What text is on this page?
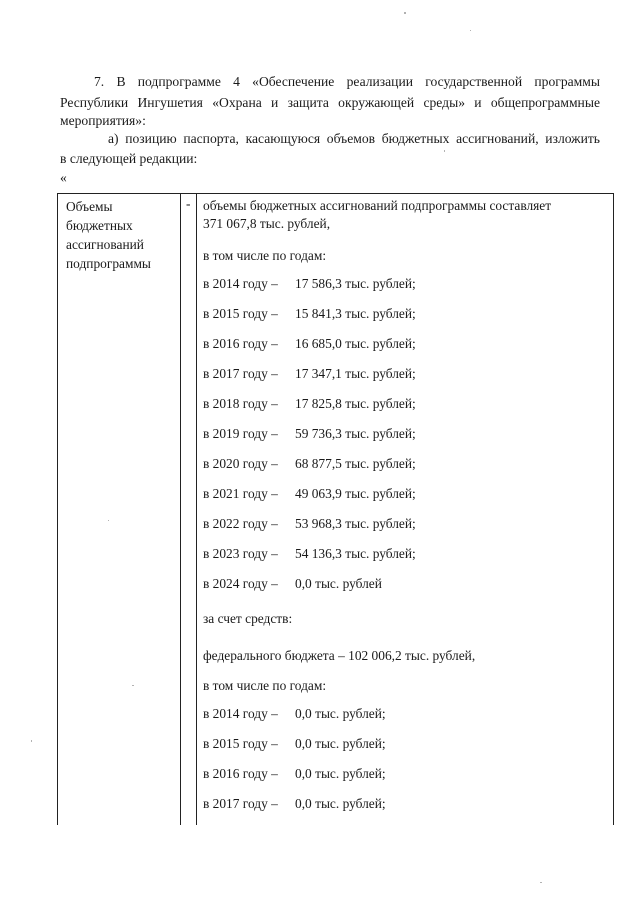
7. В подпрограмме 4 «Обеспечение реализации государственной программы
Республики Ингушетия «Охрана и защита окружающей среды» и общепрограммные
мероприятия»:
а) позицию паспорта, касающуюся объемов бюджетных ассигнований, изложить
в следующей редакции:
«
Объемы
бюджетных
ассигнований
подпрограммы
- объемы бюджетных ассигнований подпрограммы составляет
371 067,8 тыс. рублей,
в том числе по годам:
в 2014 году – 17 586,3 тыс. рублей;
в 2015 году – 15 841,3 тыс. рублей;
в 2016 году – 16 685,0 тыс. рублей;
в 2017 году – 17 347,1 тыс. рублей;
в 2018 году – 17 825,8 тыс. рублей;
в 2019 году – 59 736,3 тыс. рублей;
в 2020 году – 68 877,5 тыс. рублей;
в 2021 году – 49 063,9 тыс. рублей;
в 2022 году – 53 968,3 тыс. рублей;
в 2023 году – 54 136,3 тыс. рублей;
в 2024 году – 0,0 тыс. рублей
за счет средств:
федерального бюджета – 102 006,2 тыс. рублей,
в том числе по годам:
в 2014 году – 0,0 тыс. рублей;
в 2015 году – 0,0 тыс. рублей;
в 2016 году – 0,0 тыс. рублей;
в 2017 году – 0,0 тыс. рублей;
